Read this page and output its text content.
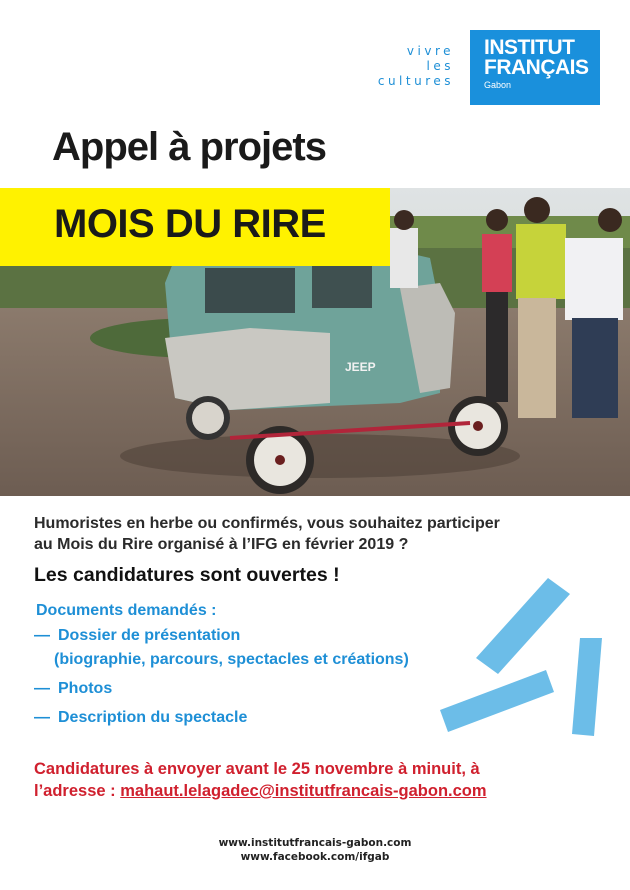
vivre
les
cultures
INSTITUT
FRANÇAIS
Gabon
Appel à projets
JEEP
MOIS DU RIRE

Humoristes en herbe ou confirmés, vous souhaitez participer

au Mois du Rire organisé à l’IFG en février 2019 ?

Les candidatures sont ouvertes !
Documents demandés :
— Dossier de présentation
(biographie, parcours, spectacles et créations)
— Photos
— Description du spectacle
Candidatures à envoyer avant le 25 novembre à minuit, à
l’adresse : mahaut.lelagadec@institutfrancais-gabon.com
www.institutfrancais-gabon.com
www.facebook.com/ifgab
